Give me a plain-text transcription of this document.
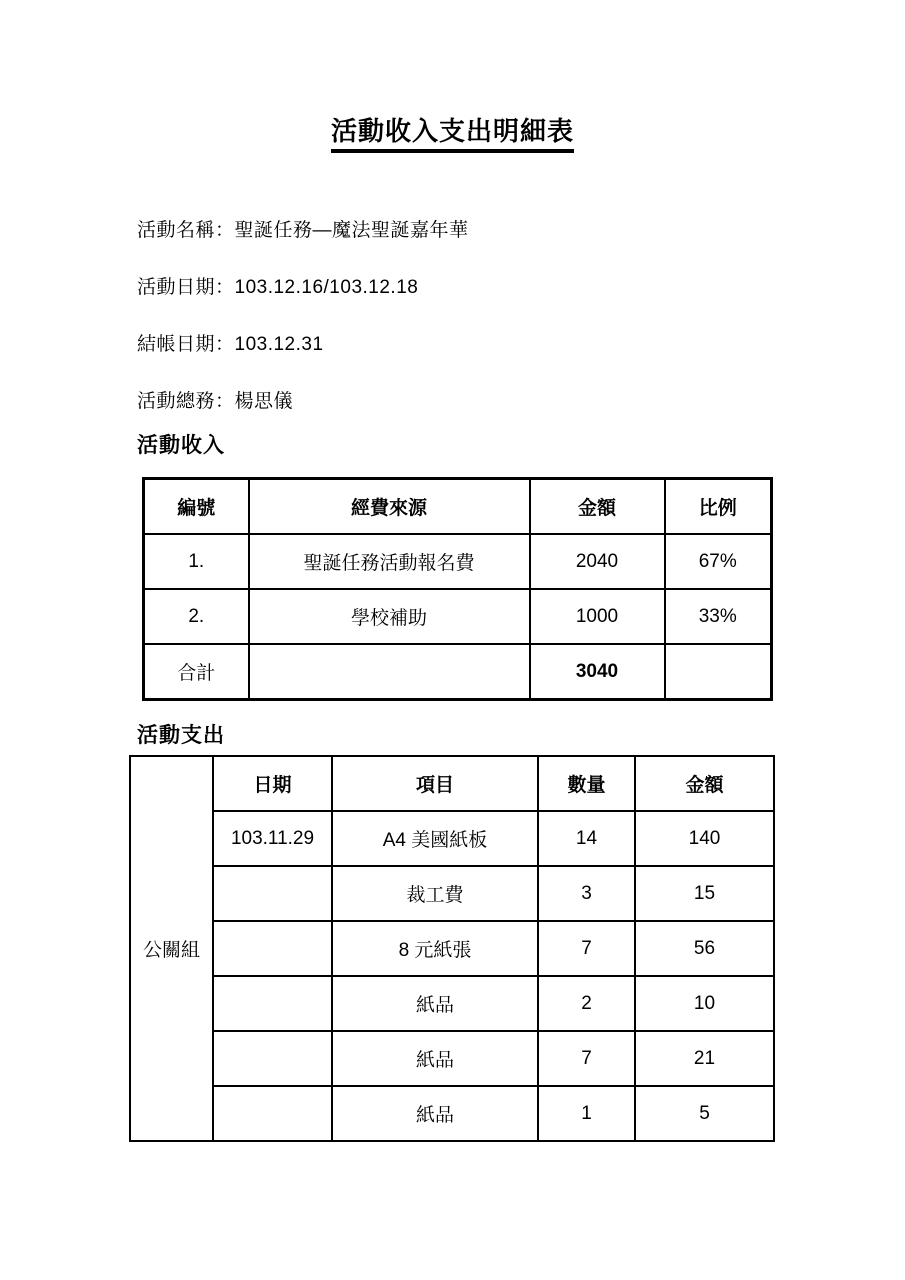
活動收入支出明細表
活動名稱：聖誕任務—魔法聖誕嘉年華
活動日期：103.12.16/103.12.18
結帳日期：103.12.31
活動總務：楊思儀
活動收入
編號	經費來源	金額	比例
1.	聖誕任務活動報名費	2040	67%
2.	學校補助	1000	33%
合計		3040	
活動支出
公關組	日期	項目	數量	金額
	103.11.29	A4 美國紙板	14	140
		裁工費	3	15
		8 元紙張	7	56
		紙品	2	10
		紙品	7	21
		紙品	1	5
